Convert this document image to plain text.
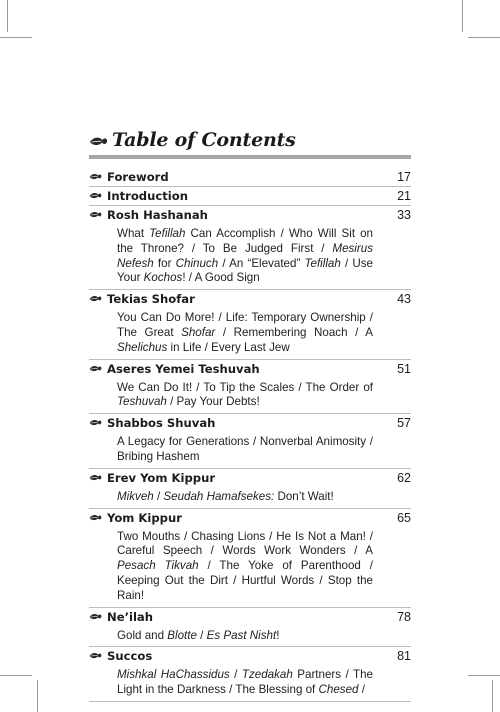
Table of Contents
Foreword	17
Introduction	21
Rosh Hashanah	33
What Tefillah Can Accomplish / Who Will Sit on the Throne? / To Be Judged First / Mesirus Nefesh for Chinuch / An “Elevated” Tefillah / Use Your Kochos! / A Good Sign
Tekias Shofar	43
You Can Do More! / Life: Temporary Ownership / The Great Shofar / Remembering Noach / A Shelichus in Life / Every Last Jew
Aseres Yemei Teshuvah	51
We Can Do It! / To Tip the Scales / The Order of Teshuvah / Pay Your Debts!
Shabbos Shuvah	57
A Legacy for Generations / Nonverbal Animosity / Bribing Hashem
Erev Yom Kippur	62
Mikveh / Seudah Hamafsekes: Don’t Wait!
Yom Kippur	65
Two Mouths / Chasing Lions / He Is Not a Man! / Careful Speech / Words Work Wonders / A Pesach Tikvah / The Yoke of Parenthood / Keeping Out the Dirt / Hurtful Words / Stop the Rain!
Ne’ilah	78
Gold and Blotte / Es Past Nisht!
Succos	81
Mishkal HaChassidus / Tzedakah Partners / The Light in the Darkness / The Blessing of Chesed /
